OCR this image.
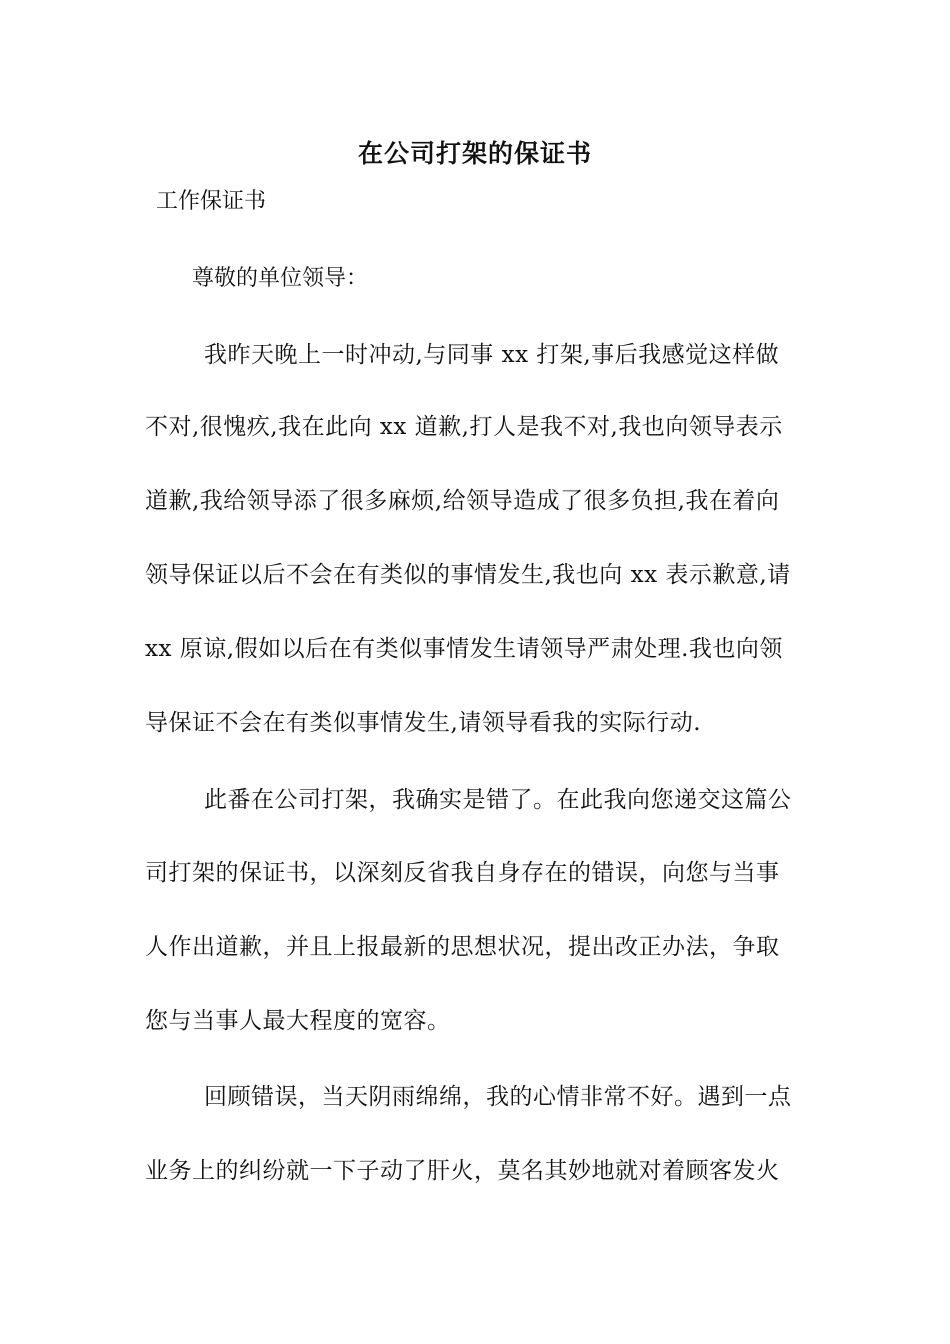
在公司打架的保证书

工作保证书

尊敬的单位领导：

我昨天晚上一时冲动,与同事 xx 打架,事后我感觉这样做

不对,很愧疚,我在此向 xx 道歉,打人是我不对,我也向领导表示

道歉,我给领导添了很多麻烦,给领导造成了很多负担,我在着向

领导保证以后不会在有类似的事情发生,我也向 xx 表示歉意,请

xx 原谅,假如以后在有类似事情发生请领导严肃处理.我也向领

导保证不会在有类似事情发生,请领导看我的实际行动.

此番在公司打架，我确实是错了。在此我向您递交这篇公

司打架的保证书，以深刻反省我自身存在的错误，向您与当事

人作出道歉，并且上报最新的思想状况，提出改正办法，争取

您与当事人最大程度的宽容。

回顾错误，当天阴雨绵绵，我的心情非常不好。遇到一点

业务上的纠纷就一下子动了肝火，莫名其妙地就对着顾客发火
